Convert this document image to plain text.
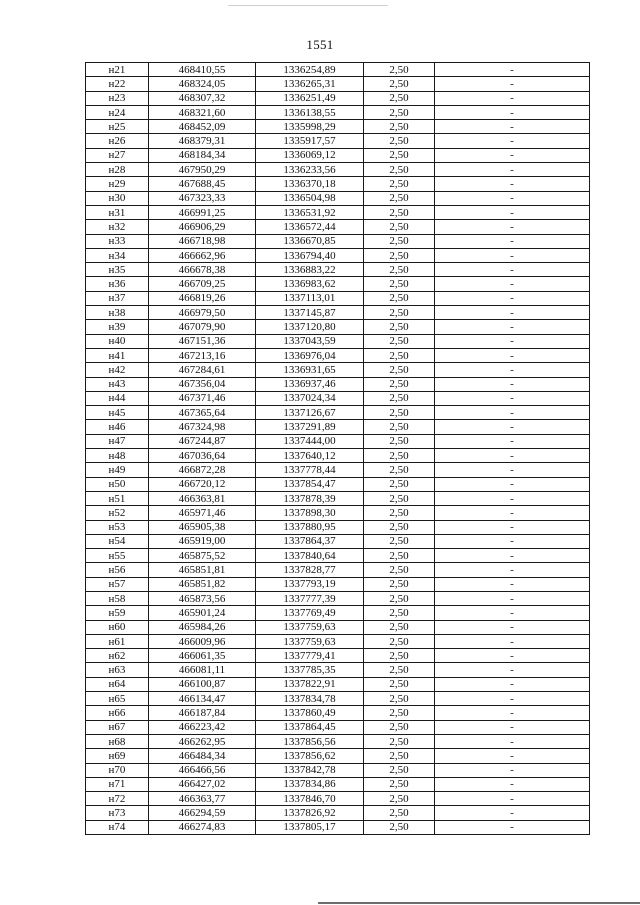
1551
н21	468410,55	1336254,89	2,50	-
н22	468324,05	1336265,31	2,50	-
н23	468307,32	1336251,49	2,50	-
н24	468321,60	1336138,55	2,50	-
н25	468452,09	1335998,29	2,50	-
н26	468379,31	1335917,57	2,50	-
н27	468184,34	1336069,12	2,50	-
н28	467950,29	1336233,56	2,50	-
н29	467688,45	1336370,18	2,50	-
н30	467323,33	1336504,98	2,50	-
н31	466991,25	1336531,92	2,50	-
н32	466906,29	1336572,44	2,50	-
н33	466718,98	1336670,85	2,50	-
н34	466662,96	1336794,40	2,50	-
н35	466678,38	1336883,22	2,50	-
н36	466709,25	1336983,62	2,50	-
н37	466819,26	1337113,01	2,50	-
н38	466979,50	1337145,87	2,50	-
н39	467079,90	1337120,80	2,50	-
н40	467151,36	1337043,59	2,50	-
н41	467213,16	1336976,04	2,50	-
н42	467284,61	1336931,65	2,50	-
н43	467356,04	1336937,46	2,50	-
н44	467371,46	1337024,34	2,50	-
н45	467365,64	1337126,67	2,50	-
н46	467324,98	1337291,89	2,50	-
н47	467244,87	1337444,00	2,50	-
н48	467036,64	1337640,12	2,50	-
н49	466872,28	1337778,44	2,50	-
н50	466720,12	1337854,47	2,50	-
н51	466363,81	1337878,39	2,50	-
н52	465971,46	1337898,30	2,50	-
н53	465905,38	1337880,95	2,50	-
н54	465919,00	1337864,37	2,50	-
н55	465875,52	1337840,64	2,50	-
н56	465851,81	1337828,77	2,50	-
н57	465851,82	1337793,19	2,50	-
н58	465873,56	1337777,39	2,50	-
н59	465901,24	1337769,49	2,50	-
н60	465984,26	1337759,63	2,50	-
н61	466009,96	1337759,63	2,50	-
н62	466061,35	1337779,41	2,50	-
н63	466081,11	1337785,35	2,50	-
н64	466100,87	1337822,91	2,50	-
н65	466134,47	1337834,78	2,50	-
н66	466187,84	1337860,49	2,50	-
н67	466223,42	1337864,45	2,50	-
н68	466262,95	1337856,56	2,50	-
н69	466484,34	1337856,62	2,50	-
н70	466466,56	1337842,78	2,50	-
н71	466427,02	1337834,86	2,50	-
н72	466363,77	1337846,70	2,50	-
н73	466294,59	1337826,92	2,50	-
н74	466274,83	1337805,17	2,50	-
